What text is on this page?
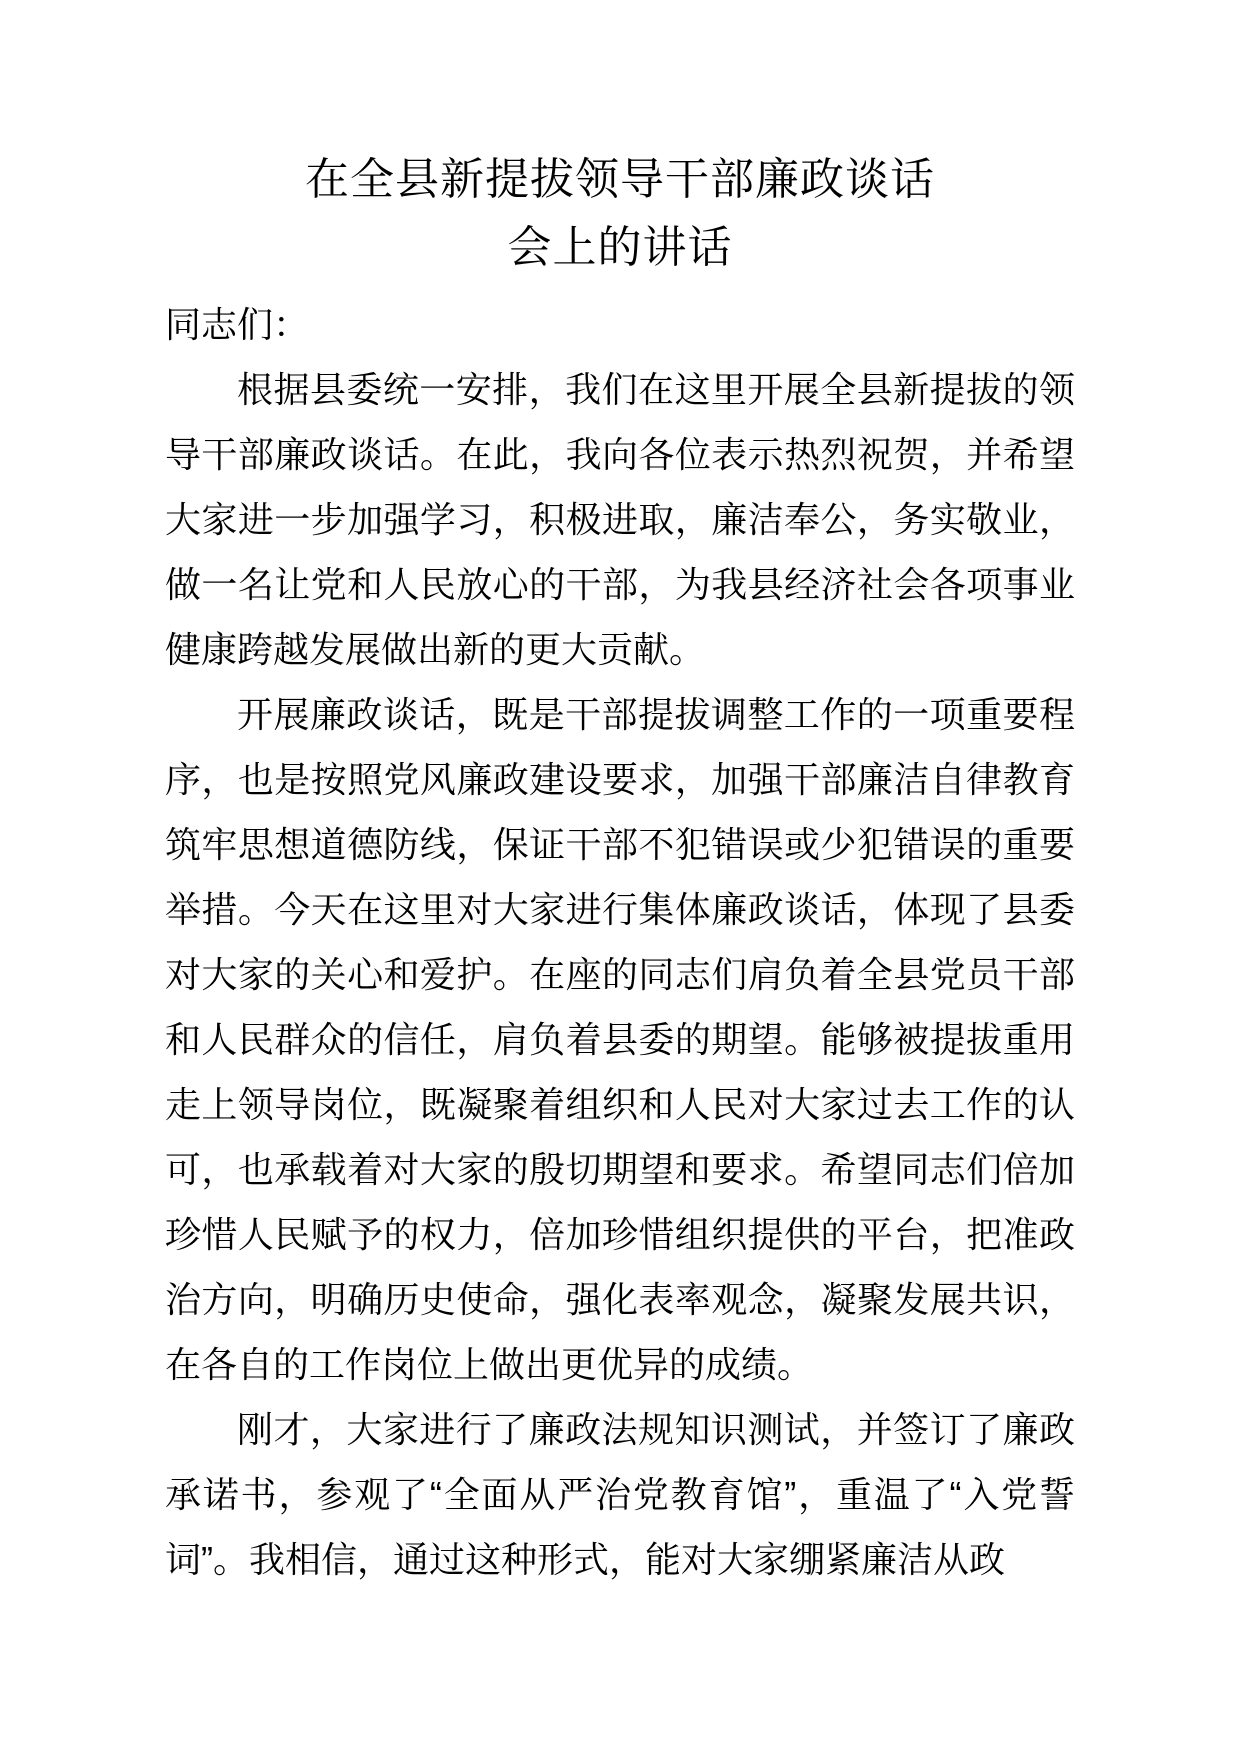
在全县新提拔领导干部廉政谈话
会上的讲话

同志们：

根据县委统一安排，我们在这里开展全县新提拔的领导干部廉政谈话。在此，我向各位表示热烈祝贺，并希望大家进一步加强学习，积极进取，廉洁奉公，务实敬业，做一名让党和人民放心的干部，为我县经济社会各项事业健康跨越发展做出新的更大贡献。

开展廉政谈话，既是干部提拔调整工作的一项重要程序，也是按照党风廉政建设要求，加强干部廉洁自律教育筑牢思想道德防线，保证干部不犯错误或少犯错误的重要举措。今天在这里对大家进行集体廉政谈话，体现了县委对大家的关心和爱护。在座的同志们肩负着全县党员干部和人民群众的信任，肩负着县委的期望。能够被提拔重用走上领导岗位，既凝聚着组织和人民对大家过去工作的认可，也承载着对大家的殷切期望和要求。希望同志们倍加珍惜人民赋予的权力，倍加珍惜组织提供的平台，把准政治方向，明确历史使命，强化表率观念，凝聚发展共识，在各自的工作岗位上做出更优异的成绩。

刚才，大家进行了廉政法规知识测试，并签订了廉政承诺书，参观了“全面从严治党教育馆”，重温了“入党誓词”。我相信，通过这种形式，能对大家绷紧廉洁从政
